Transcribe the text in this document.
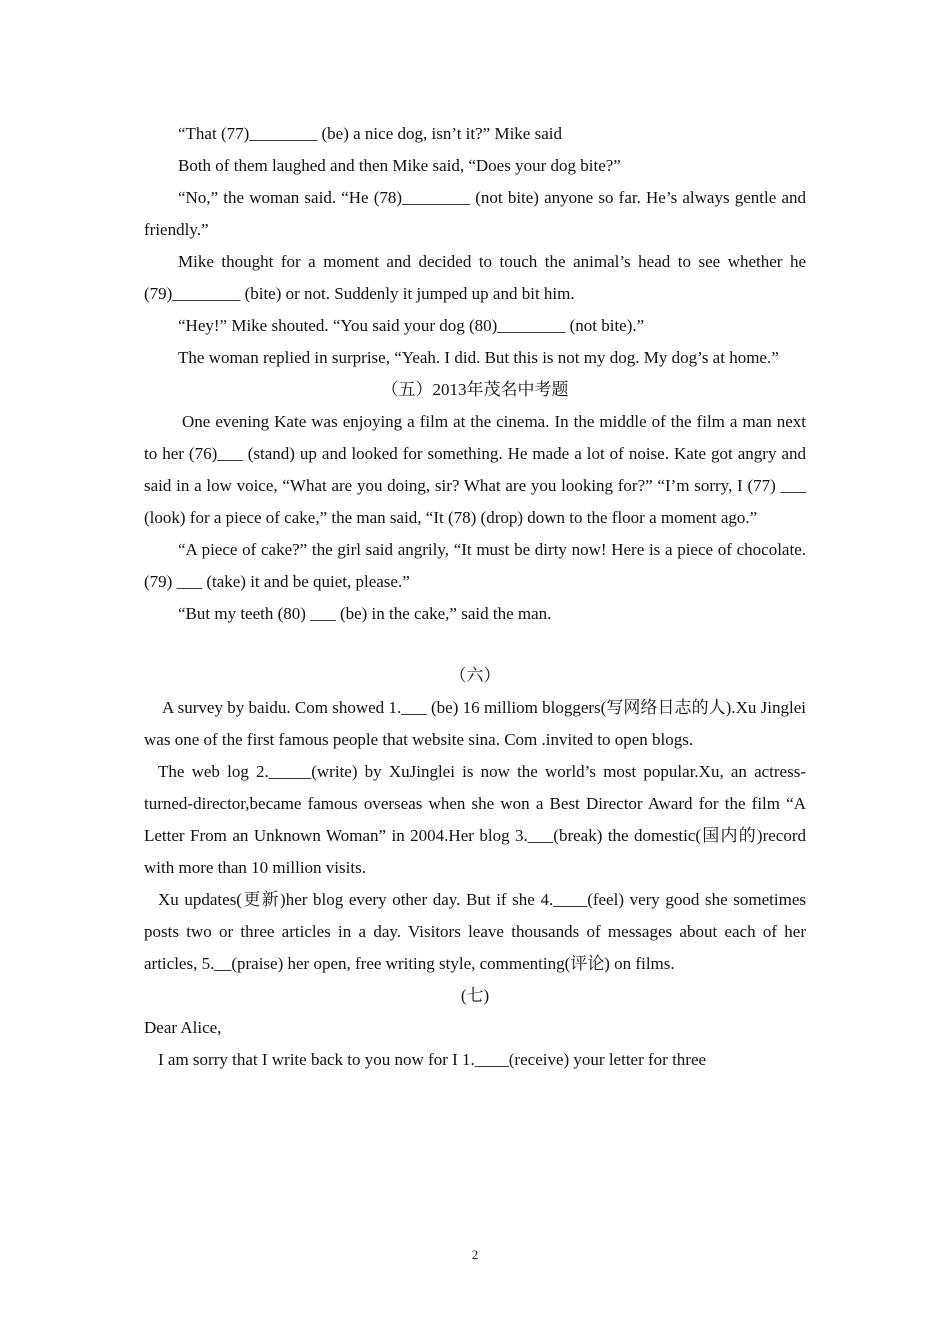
“That (77)________ (be) a nice dog, isn’t it?” Mike said

Both of them laughed and then Mike said, “Does your dog bite?”

“No,” the woman said. “He (78)________ (not bite) anyone so far. He’s always gentle and friendly.”

Mike thought for a moment and decided to touch the animal’s head to see whether he (79)________ (bite) or not. Suddenly it jumped up and bit him.

“Hey!” Mike shouted. “You said your dog (80)________ (not bite).”

The woman replied in surprise, “Yeah. I did. But this is not my dog. My dog’s at home.”

（五）2013年茂名中考题

One evening Kate was enjoying a film at the cinema. In the middle of the film a man next to her (76)___ (stand) up and looked for something. He made a lot of noise. Kate got angry and said in a low voice, “What are you doing, sir? What are you looking for?” “I’m sorry, I (77) ___ (look) for a piece of cake,” the man said, “It (78) (drop) down to the floor a moment ago.”

“A piece of cake?” the girl said angrily, “It must be dirty now! Here is a piece of chocolate. (79) ___ (take) it and be quiet, please.”

“But my teeth (80) ___ (be) in the cake,” said the man.

（六）

A survey by baidu. Com showed 1.___ (be) 16 milliom bloggers(写网络日志的人).Xu Jinglei was one of the first famous people that website sina. Com .invited to open blogs.

The web log 2._____(write) by XuJinglei is now the world’s most popular.Xu, an actress-turned-director,became famous overseas when she won a Best Director Award for the film “A Letter From an Unknown Woman” in 2004.Her blog 3.___(break) the domestic(国内的)record with more than 10 million visits.

Xu updates(更新)her blog every other day. But if she 4.____(feel) very good she sometimes posts two or three articles in a day. Visitors leave thousands of messages about each of her articles, 5.__(praise) her open, free writing style, commenting(评论) on films.

(七)

Dear Alice,

I am sorry that I write back to you now for I 1.____(receive) your letter for three

2
